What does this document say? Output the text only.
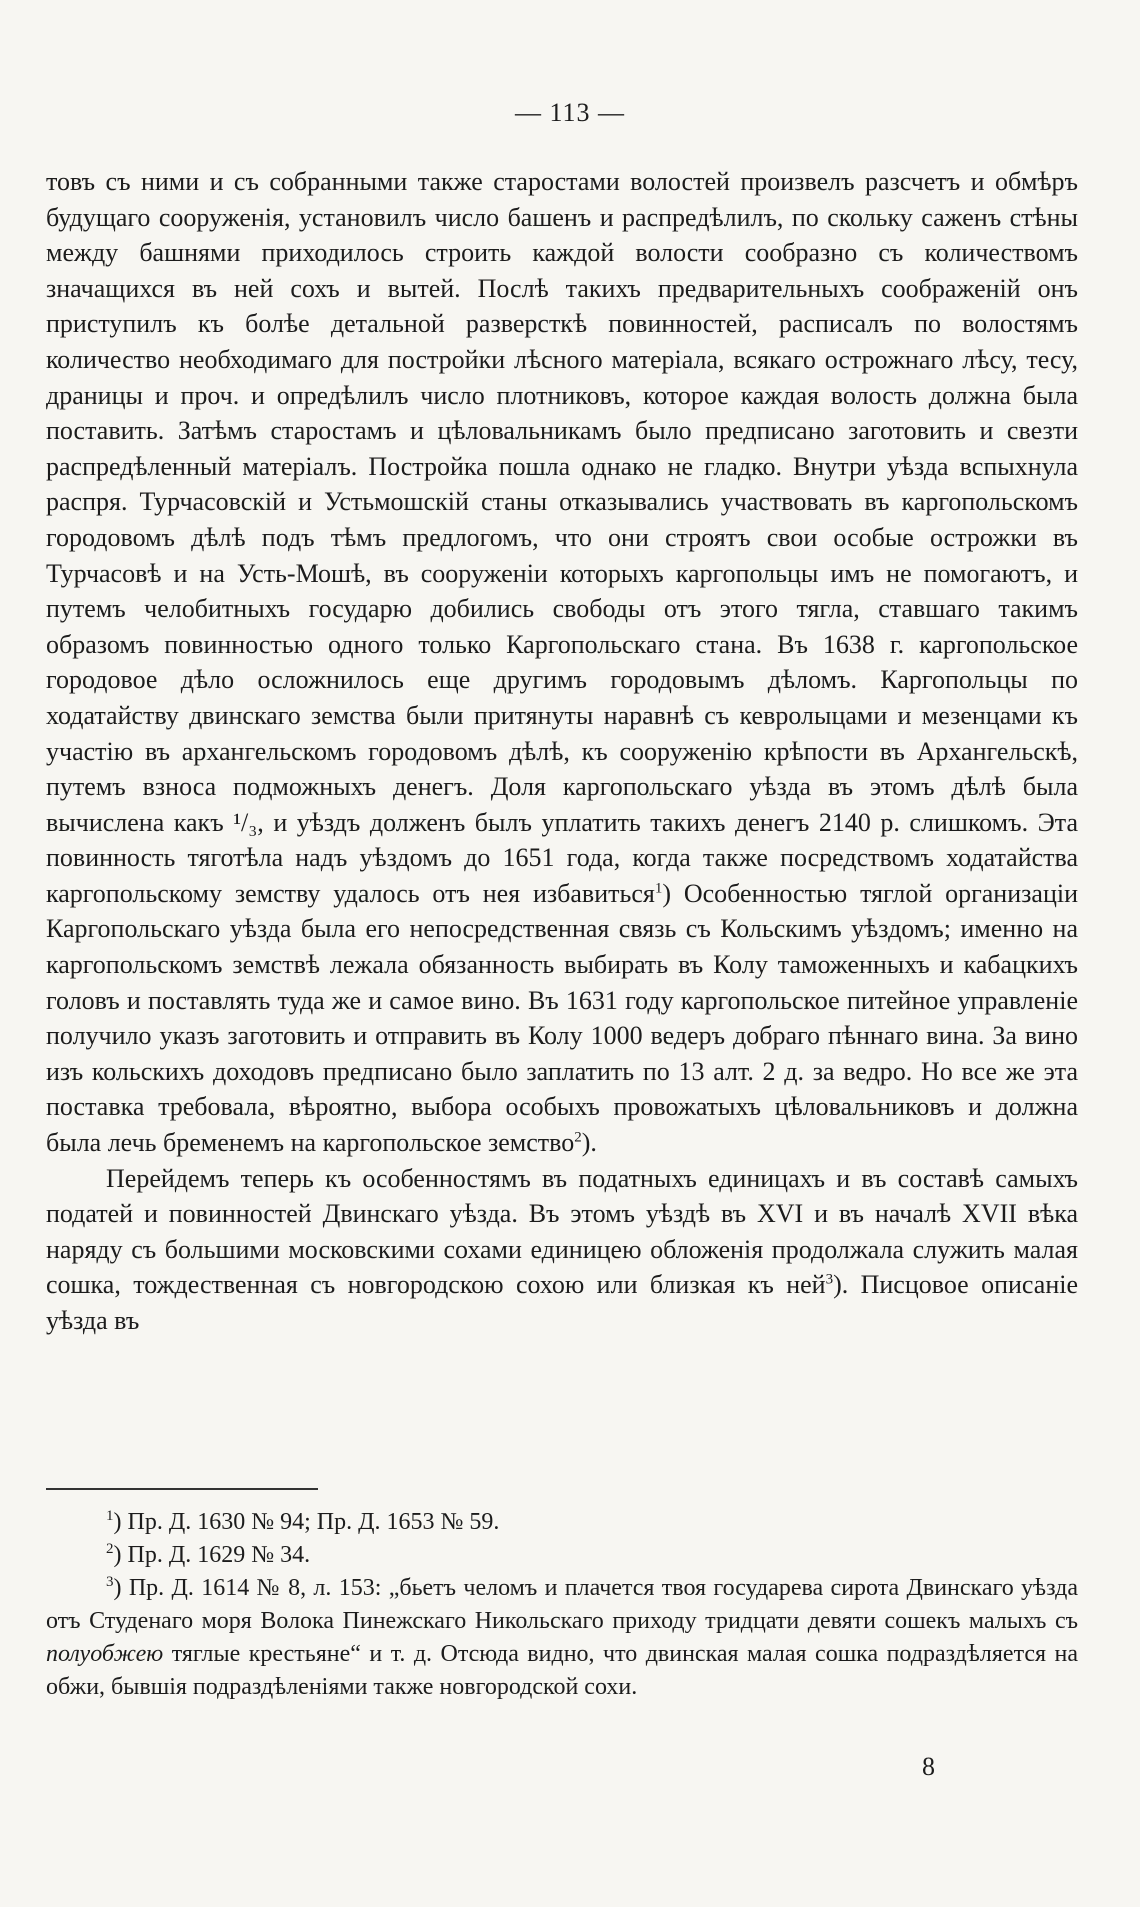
— 113 —

товъ съ ними и съ собранными также старостами волостей произвелъ разсчетъ и обмѣръ будущаго сооруженія, установилъ число башенъ и распредѣлилъ, по скольку саженъ стѣны между башнями приходилось строить каждой волости сообразно съ количествомъ значащихся въ ней сохъ и вытей. Послѣ такихъ предварительныхъ соображеній онъ приступилъ къ болѣе детальной разверсткѣ повинностей, расписалъ по волостямъ количество необходимаго для постройки лѣсного матеріала, всякаго острожнаго лѣсу, тесу, драницы и проч. и опредѣлилъ число плотниковъ, которое каждая волость должна была поставить. Затѣмъ старостамъ и цѣловальникамъ было предписано заготовить и свезти распредѣленный матеріалъ. Постройка пошла однако не гладко. Внутри уѣзда вспыхнула распря. Турчасовскій и Устьмошскій станы отказывались участвовать въ каргопольскомъ городовомъ дѣлѣ подъ тѣмъ предлогомъ, что они строятъ свои особые острожки въ Турчасовѣ и на Усть-Мошѣ, въ сооруженіи которыхъ каргопольцы имъ не помогаютъ, и путемъ челобитныхъ государю добились свободы отъ этого тягла, ставшаго такимъ образомъ повинностью одного только Каргопольскаго стана. Въ 1638 г. каргопольское городовое дѣло осложнилось еще другимъ городовымъ дѣломъ. Каргопольцы по ходатайству двинскаго земства были притянуты наравнѣ съ кевролыцами и мезенцами къ участію въ архангельскомъ городовомъ дѣлѣ, къ сооруженію крѣпости въ Архангельскѣ, путемъ взноса подможныхъ денегъ. Доля каргопольскаго уѣзда въ этомъ дѣлѣ была вычислена какъ ¹/₃, и уѣздъ долженъ былъ уплатить такихъ денегъ 2140 р. слишкомъ. Эта повинность тяготѣла надъ уѣздомъ до 1651 года, когда также посредствомъ ходатайства каргопольскому земству удалось отъ нея избавиться$^1$) Особенностью тяглой организаціи Каргопольскаго уѣзда была его непосредственная связь съ Кольскимъ уѣздомъ; именно на каргопольскомъ земствѣ лежала обязанность выбирать въ Колу таможенныхъ и кабацкихъ головъ и поставлять туда же и самое вино. Въ 1631 году каргопольское питейное управленіе получило указъ заготовить и отправить въ Колу 1000 ведеръ добраго пѣннаго вина. За вино изъ кольскихъ доходовъ предписано было заплатить по 13 алт. 2 д. за ведро. Но все же эта поставка требовала, вѣроятно, выбора особыхъ провожатыхъ цѣловальниковъ и должна была лечь бременемъ на каргопольское земство$^2$).

Перейдемъ теперь къ особенностямъ въ податныхъ единицахъ и въ составѣ самыхъ податей и повинностей Двинскаго уѣзда. Въ этомъ уѣздѣ въ XVI и въ началѣ XVII вѣка наряду съ большими московскими сохами единицею обложенія продолжала служить малая сошка, тождественная съ новгородскою сохою или близкая къ ней$^3$). Писцовое описаніе уѣзда въ

$^1$) Пр. Д. 1630 № 94; Пр. Д. 1653 № 59.

$^2$) Пр. Д. 1629 № 34.

$^3$) Пр. Д. 1614 № 8, л. 153: „бьетъ челомъ и плачется твоя государева сирота Двинскаго уѣзда отъ Студенаго моря Волока Пинежскаго Никольскаго приходу тридцати девяти сошекъ малыхъ съ полуобжею тяглые крестьяне“ и т. д. Отсюда видно, что двинская малая сошка подраздѣляется на обжи, бывшія подраздѣленіями также новгородской сохи.

8
